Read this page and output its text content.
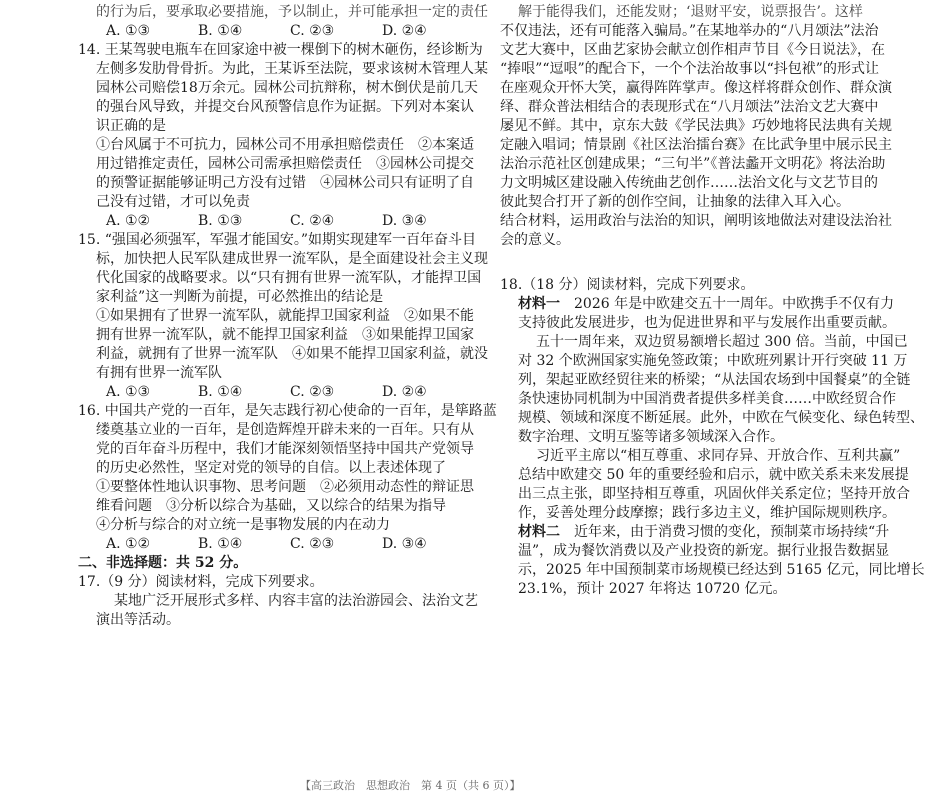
的行为后，要承取必要措施，予以制止，并可能承担一定的责任
A. ①③	B. ①④	C. ②③	D. ②④
14. 王某驾驶电瓶车在回家途中被一棵倒下的树木砸伤，经诊断为
左侧多发肋骨骨折。为此，王某诉至法院，要求该树木管理人某
园林公司赔偿18万余元。园林公司抗辩称，树木倒伏是前几天
的强台风导致，并提交台风预警信息作为证据。下列对本案认
识正确的是
①台风属于不可抗力，园林公司不用承担赔偿责任　②本案适
用过错推定责任，园林公司需承担赔偿责任　③园林公司提交
的预警证据能够证明己方没有过错　④园林公司只有证明了自
己没有过错，才可以免责
A. ①②	B. ①③	C. ②④	D. ③④
15. “强国必须强军，军强才能国安。”如期实现建军一百年奋斗目
标，加快把人民军队建成世界一流军队，是全面建设社会主义现
代化国家的战略要求。以“只有拥有世界一流军队，才能捍卫国
家利益”这一判断为前提，可必然推出的结论是
①如果拥有了世界一流军队，就能捍卫国家利益　②如果不能
拥有世界一流军队，就不能捍卫国家利益　③如果能捍卫国家
利益，就拥有了世界一流军队　④如果不能捍卫国家利益，就没
有拥有世界一流军队
A. ①③	B. ①④	C. ②③	D. ②④
16. 中国共产党的一百年，是矢志践行初心使命的一百年，是筚路蓝
缕奠基立业的一百年，是创造辉煌开辟未来的一百年。只有从
党的百年奋斗历程中，我们才能深刻领悟坚持中国共产党领导
的历史必然性，坚定对党的领导的自信。以上表述体现了
①要整体性地认识事物、思考问题　②必须用动态性的辩证思
维看问题　③分析以综合为基础，又以综合的结果为指导
④分析与综合的对立统一是事物发展的内在动力
A. ①②	B. ①④	C. ②③	D. ③④
二、非选择题：共 52 分。
17.（9 分）阅读材料，完成下列要求。
某地广泛开展形式多样、内容丰富的法治游园会、法治文艺
演出等活动。
解于能得我们，还能发财；‘退财平安，说票报告’。这样
不仅违法，还有可能落入骗局。”在某地举办的“八月颂法”法治
文艺大赛中，区曲艺家协会献立创作相声节目《今日说法》，在
“捧哏”“逗哏”的配合下，一个个法治故事以“抖包袱”的形式让
在座观众开怀大笑，赢得阵阵掌声。像这样将群众创作、群众演
绎、群众普法相结合的表现形式在“八月颂法”法治文艺大赛中
屡见不鲜。其中，京东大鼓《学民法典》巧妙地将民法典有关规
定融入唱词；情景剧《社区法治擂台赛》在比武争里中展示民主
法治示范社区创建成果；“三句半”《普法蠡开文明花》将法治助
力文明城区建设融入传统曲艺创作……法治文化与文艺节目的
彼此契合打开了新的创作空间，让抽象的法律入耳入心。
结合材料，运用政治与法治的知识，阐明该地做法对建设法治社
会的意义。
18.（18 分）阅读材料，完成下列要求。
材料一　2026 年是中欧建交五十一周年。中欧携手不仅有力
支持彼此发展进步，也为促进世界和平与发展作出重要贡献。
五十一周年来，双边贸易额增长超过 300 倍。当前，中国已
对 32 个欧洲国家实施免签政策；中欧班列累计开行突破 11 万
列，架起亚欧经贸往来的桥梁；“从法国农场到中国餐桌”的全链
条快速协同机制为中国消费者提供多样美食……中欧经贸合作
规模、领域和深度不断延展。此外，中欧在气候变化、绿色转型、
数字治理、文明互鉴等诸多领域深入合作。
习近平主席以“相互尊重、求同存异、开放合作、互利共赢”
总结中欧建交 50 年的重要经验和启示，就中欧关系未来发展提
出三点主张，即坚持相互尊重，巩固伙伴关系定位；坚持开放合
作，妥善处理分歧摩擦；践行多边主义，维护国际规则秩序。
材料二　近年来，由于消费习惯的变化，预制菜市场持续“升
温”，成为餐饮消费以及产业投资的新宠。据行业报告数据显
示，2025 年中国预制菜市场规模已经达到 5165 亿元，同比增长
23.1%，预计 2027 年将达 10720 亿元。
【高三政治　思想政治　第 4 页（共 6 页）】
